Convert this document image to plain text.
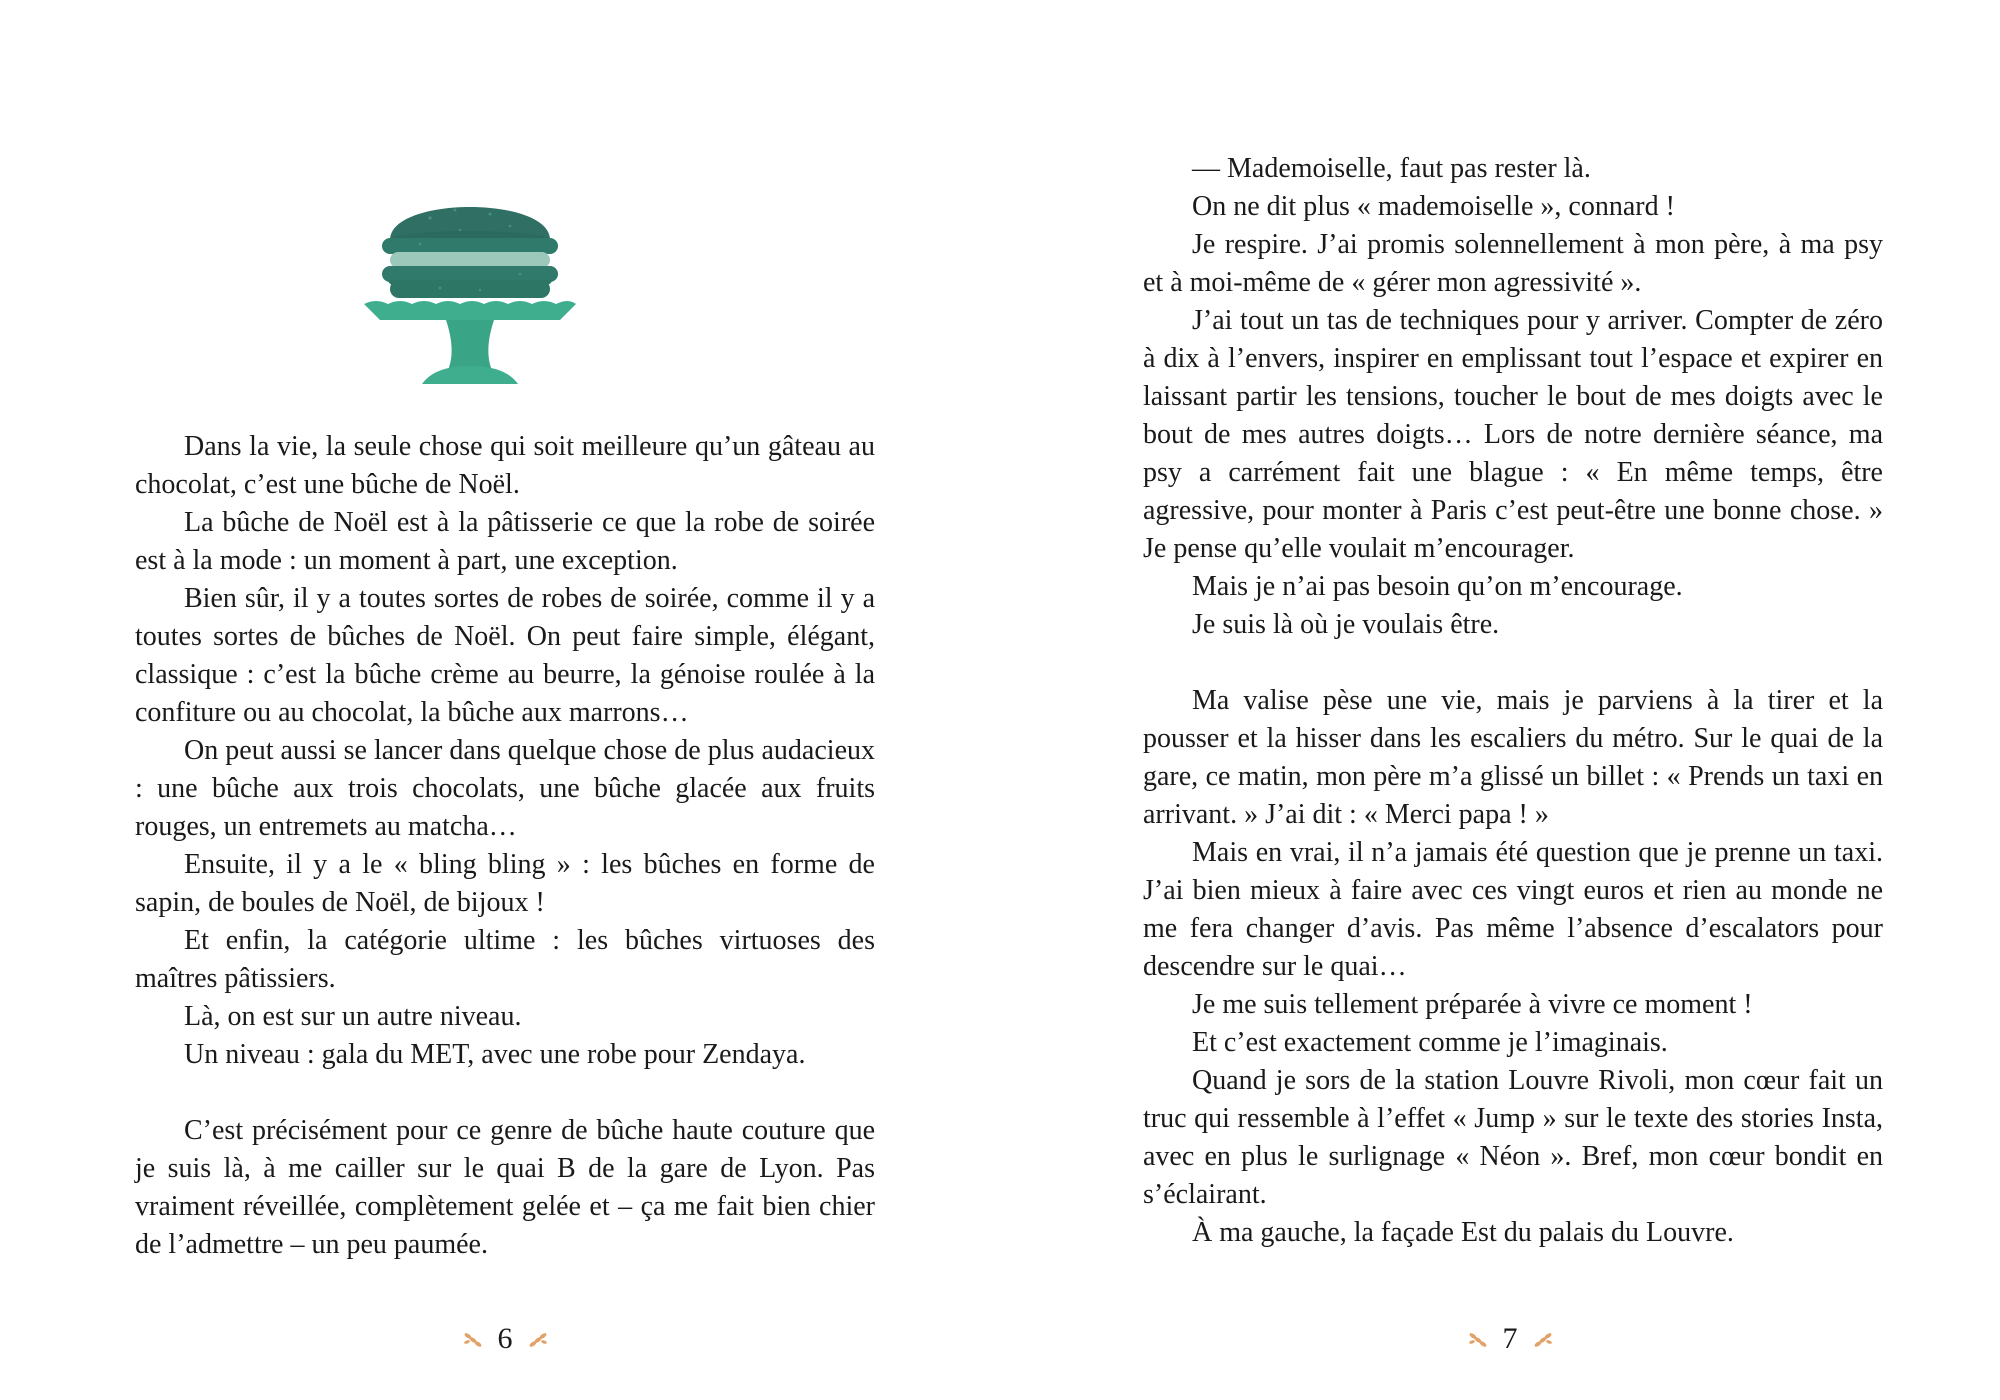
Dans la vie, la seule chose qui soit meilleure qu’un gâteau au chocolat, c’est une bûche de Noël.

La bûche de Noël est à la pâtisserie ce que la robe de soirée est à la mode : un moment à part, une exception.

Bien sûr, il y a toutes sortes de robes de soirée, comme il y a toutes sortes de bûches de Noël. On peut faire simple, élégant, classique : c’est la bûche crème au beurre, la génoise roulée à la confiture ou au chocolat, la bûche aux marrons…

On peut aussi se lancer dans quelque chose de plus audacieux : une bûche aux trois chocolats, une bûche glacée aux fruits rouges, un entremets au matcha…

Ensuite, il y a le « bling bling » : les bûches en forme de sapin, de boules de Noël, de bijoux !

Et enfin, la catégorie ultime : les bûches virtuoses des maîtres pâtissiers.

Là, on est sur un autre niveau.

Un niveau : gala du MET, avec une robe pour Zendaya.

C’est précisément pour ce genre de bûche haute couture que je suis là, à me cailler sur le quai B de la gare de Lyon. Pas vraiment réveillée, complètement gelée et – ça me fait bien chier de l’admettre – un peu paumée.

6

— Mademoiselle, faut pas rester là.

On ne dit plus « mademoiselle », connard !

Je respire. J’ai promis solennellement à mon père, à ma psy et à moi-même de « gérer mon agressivité ».

J’ai tout un tas de techniques pour y arriver. Compter de zéro à dix à l’envers, inspirer en emplissant tout l’espace et expirer en laissant partir les tensions, toucher le bout de mes doigts avec le bout de mes autres doigts… Lors de notre dernière séance, ma psy a carrément fait une blague : « En même temps, être agressive, pour monter à Paris c’est peut-être une bonne chose. » Je pense qu’elle voulait m’encourager.

Mais je n’ai pas besoin qu’on m’encourage.

Je suis là où je voulais être.

Ma valise pèse une vie, mais je parviens à la tirer et la pousser et la hisser dans les escaliers du métro. Sur le quai de la gare, ce matin, mon père m’a glissé un billet : « Prends un taxi en arrivant. » J’ai dit : « Merci papa ! »

Mais en vrai, il n’a jamais été question que je prenne un taxi. J’ai bien mieux à faire avec ces vingt euros et rien au monde ne me fera changer d’avis. Pas même l’absence d’escalators pour descendre sur le quai…

Je me suis tellement préparée à vivre ce moment !

Et c’est exactement comme je l’imaginais.

Quand je sors de la station Louvre Rivoli, mon cœur fait un truc qui ressemble à l’effet « Jump » sur le texte des stories Insta, avec en plus le surlignage « Néon ». Bref, mon cœur bondit en s’éclairant.

À ma gauche, la façade Est du palais du Louvre.

7
